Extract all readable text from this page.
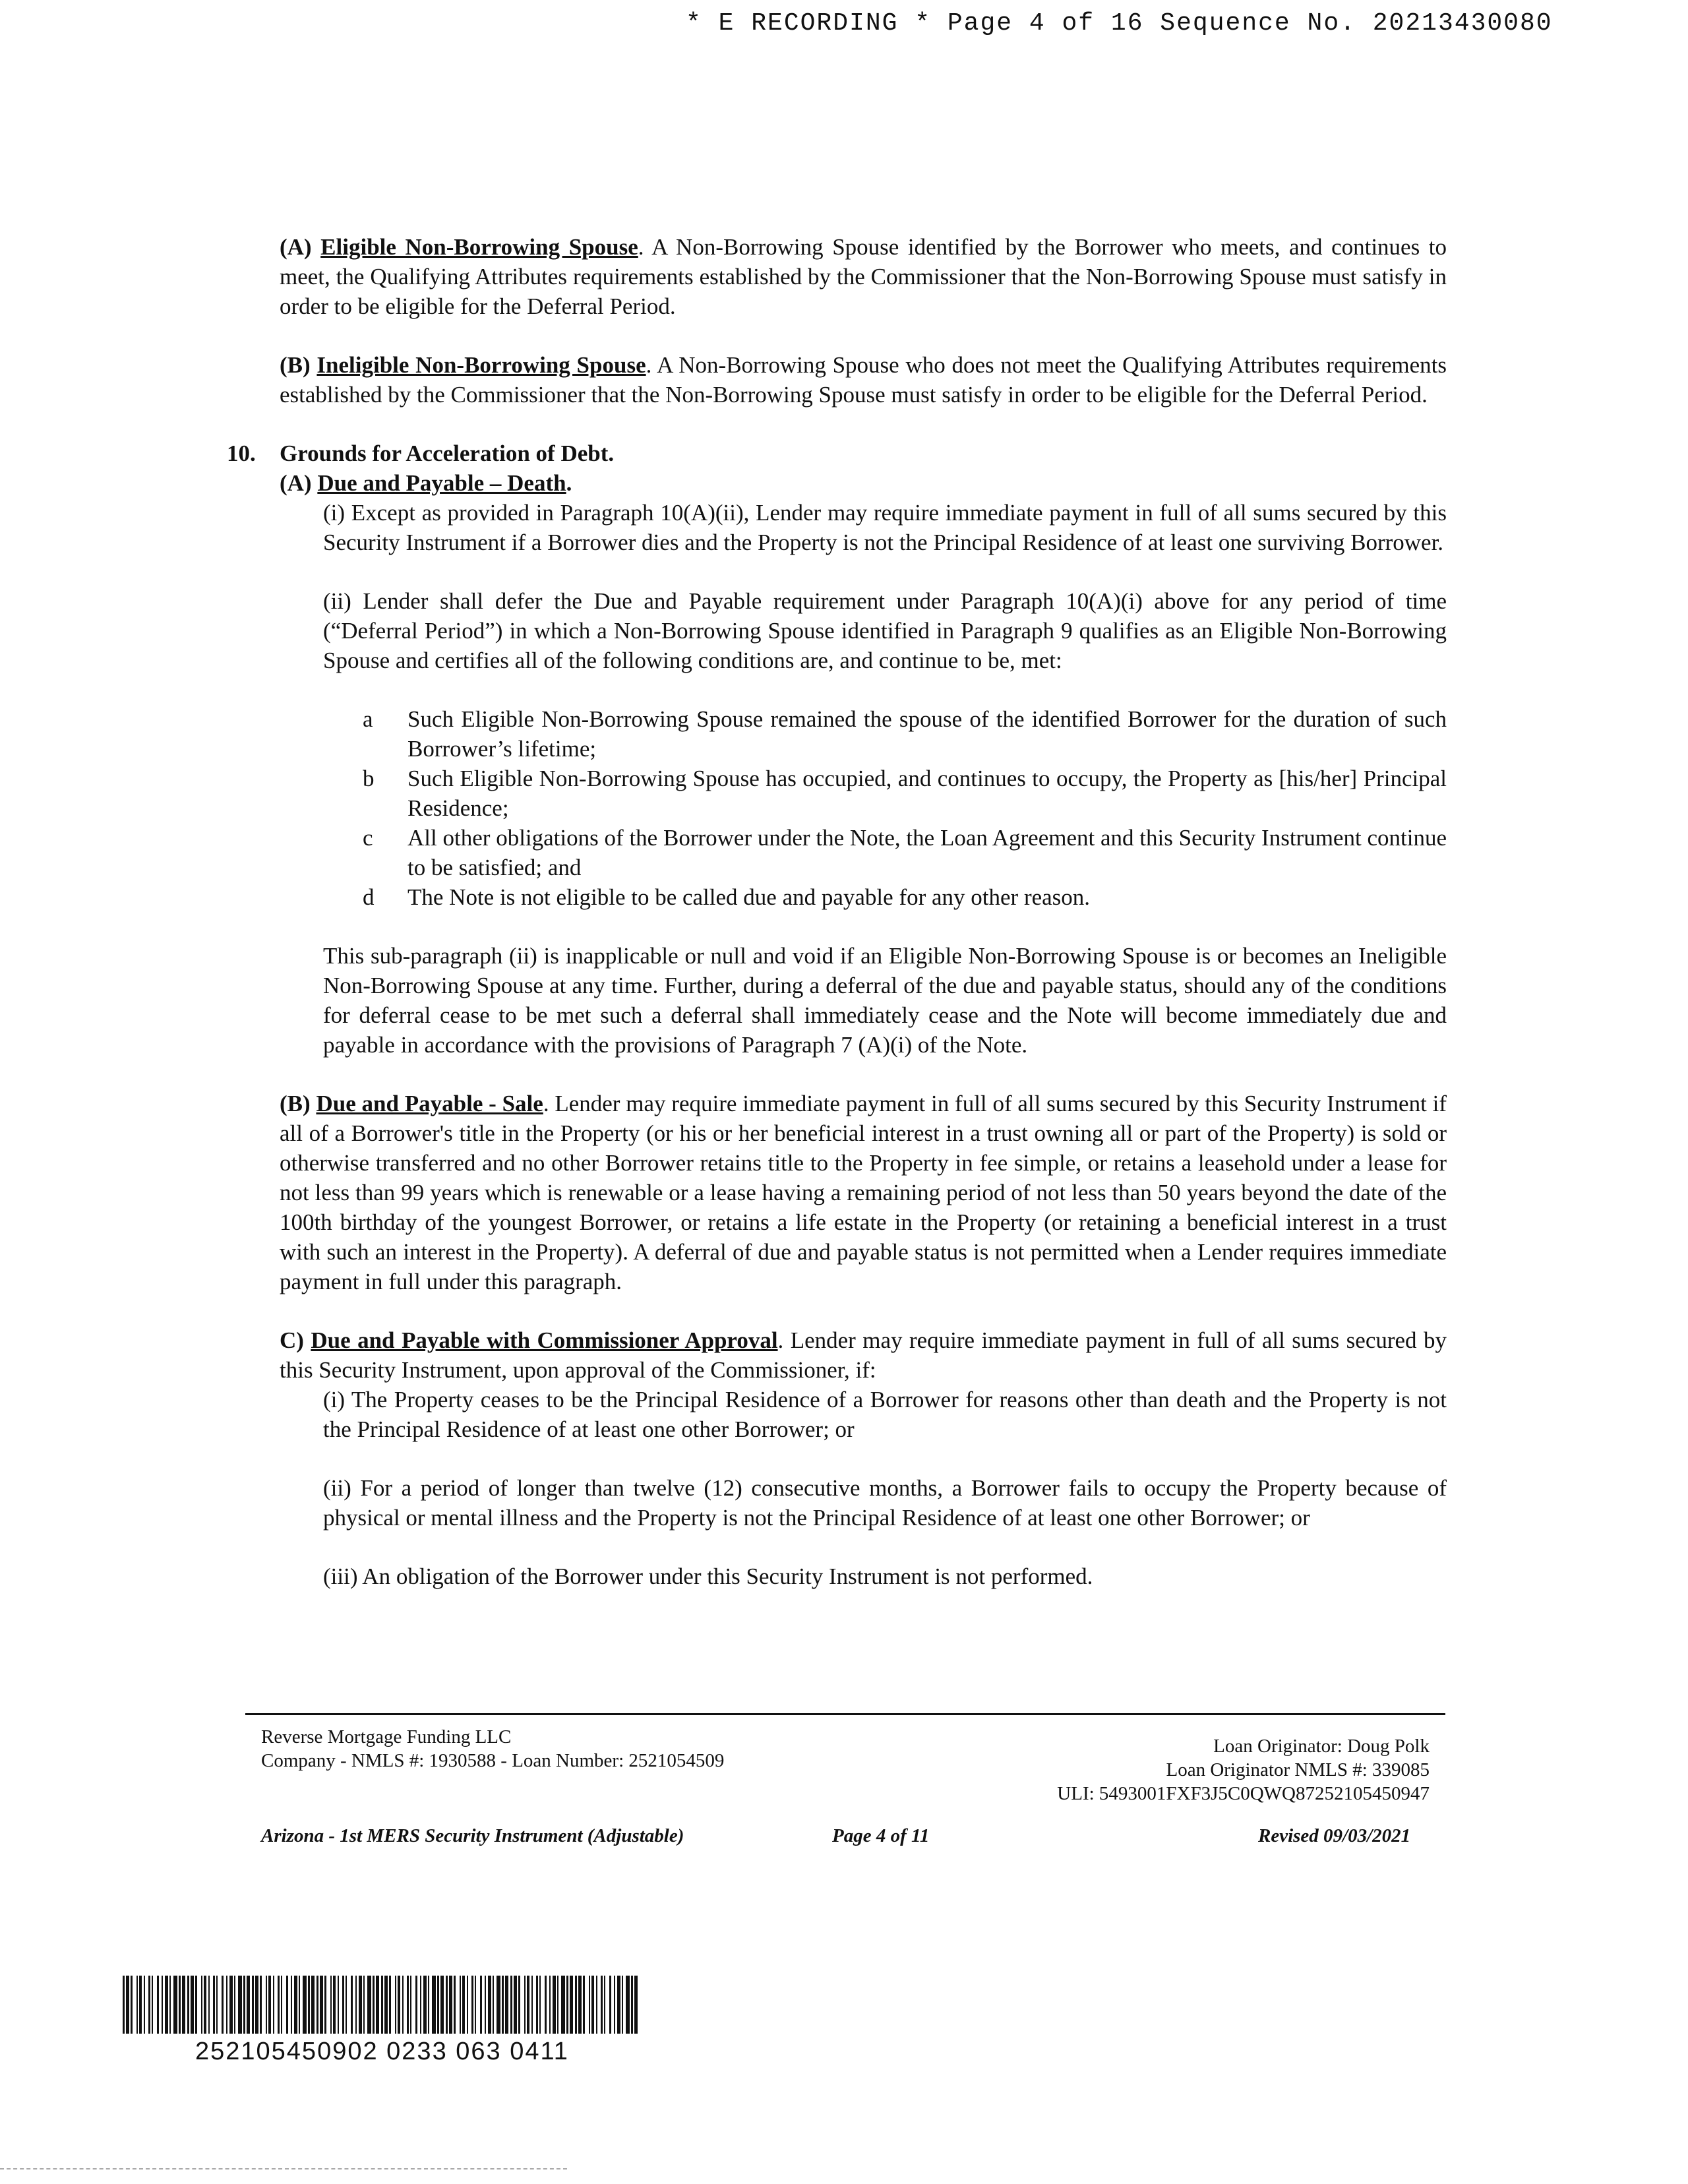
* E RECORDING * Page 4 of 16 Sequence No. 20213430080

(A) Eligible Non-Borrowing Spouse. A Non-Borrowing Spouse identified by the Borrower who meets, and continues to meet, the Qualifying Attributes requirements established by the Commissioner that the Non-Borrowing Spouse must satisfy in order to be eligible for the Deferral Period.

(B) Ineligible Non-Borrowing Spouse. A Non-Borrowing Spouse who does not meet the Qualifying Attributes requirements established by the Commissioner that the Non-Borrowing Spouse must satisfy in order to be eligible for the Deferral Period.

10. Grounds for Acceleration of Debt.

(A) Due and Payable – Death.

(i) Except as provided in Paragraph 10(A)(ii), Lender may require immediate payment in full of all sums secured by this Security Instrument if a Borrower dies and the Property is not the Principal Residence of at least one surviving Borrower.

(ii) Lender shall defer the Due and Payable requirement under Paragraph 10(A)(i) above for any period of time (“Deferral Period”) in which a Non-Borrowing Spouse identified in Paragraph 9 qualifies as an Eligible Non-Borrowing Spouse and certifies all of the following conditions are, and continue to be, met:

a Such Eligible Non-Borrowing Spouse remained the spouse of the identified Borrower for the duration of such Borrower’s lifetime;
b Such Eligible Non-Borrowing Spouse has occupied, and continues to occupy, the Property as [his/her] Principal Residence;
c All other obligations of the Borrower under the Note, the Loan Agreement and this Security Instrument continue to be satisfied; and
d The Note is not eligible to be called due and payable for any other reason.

This sub-paragraph (ii) is inapplicable or null and void if an Eligible Non-Borrowing Spouse is or becomes an Ineligible Non-Borrowing Spouse at any time. Further, during a deferral of the due and payable status, should any of the conditions for deferral cease to be met such a deferral shall immediately cease and the Note will become immediately due and payable in accordance with the provisions of Paragraph 7 (A)(i) of the Note.

(B) Due and Payable - Sale. Lender may require immediate payment in full of all sums secured by this Security Instrument if all of a Borrower's title in the Property (or his or her beneficial interest in a trust owning all or part of the Property) is sold or otherwise transferred and no other Borrower retains title to the Property in fee simple, or retains a leasehold under a lease for not less than 99 years which is renewable or a lease having a remaining period of not less than 50 years beyond the date of the 100th birthday of the youngest Borrower, or retains a life estate in the Property (or retaining a beneficial interest in a trust with such an interest in the Property). A deferral of due and payable status is not permitted when a Lender requires immediate payment in full under this paragraph.

C) Due and Payable with Commissioner Approval. Lender may require immediate payment in full of all sums secured by this Security Instrument, upon approval of the Commissioner, if:

(i) The Property ceases to be the Principal Residence of a Borrower for reasons other than death and the Property is not the Principal Residence of at least one other Borrower; or

(ii) For a period of longer than twelve (12) consecutive months, a Borrower fails to occupy the Property because of physical or mental illness and the Property is not the Principal Residence of at least one other Borrower; or

(iii) An obligation of the Borrower under this Security Instrument is not performed.

Reverse Mortgage Funding LLC
Company - NMLS #: 1930588 - Loan Number: 2521054509
Loan Originator: Doug Polk
Loan Originator NMLS #: 339085
ULI: 5493001FXF3J5C0QWQ87252105450947
Arizona - 1st MERS Security Instrument (Adjustable)	Page 4 of 11	Revised 09/03/2021
252105450902 0233 063 0411
